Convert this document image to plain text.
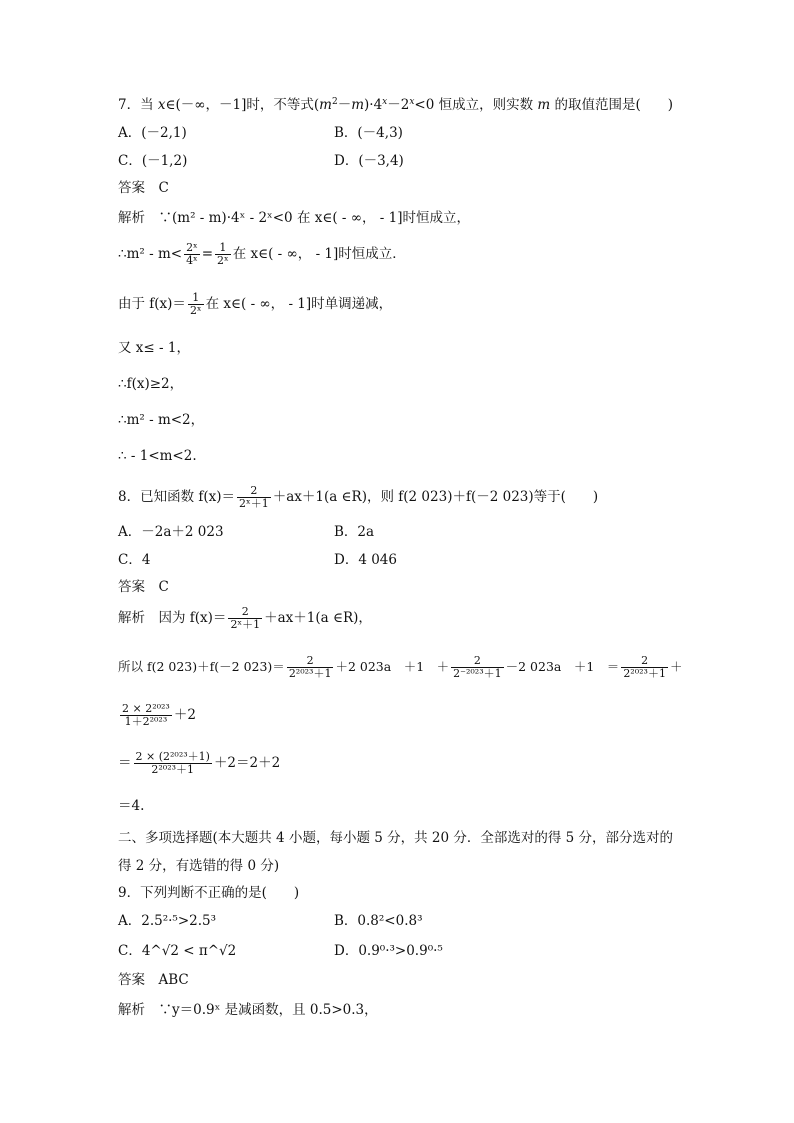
7．当 x∈(－∞，－1]时，不等式$(m^2-m)\cdot 4^x-2^x<0$ 恒成立，则实数 m 的取值范围是(　　)
A．(－2,1)	B．(－4,3)
C．(－1,2)	D．(－3,4)
答案　C
解析　∵(m² - m)·4ˣ - 2ˣ<0 在 x∈( - ∞， - 1]时恒成立，
∴m² - $m< \frac{\text{2ˣ}}{\text{4ˣ}} = \frac{1}{\text{2ˣ}}$ 在 x∈( - ∞， - 1]时恒成立．
由于 $f(x)= \frac{1}{\text{2ˣ}}$ 在 x∈( - ∞， - 1]时单调递减，
又 x≤ - 1，
∴f(x)≥2，
∴m² - m<2，
∴ - 1<m<2.
8．已知函数 $f(x)= \frac{2}{\text{2ˣ＋1}} +ax+1(a$ ∈R)，则 f(2 023)＋f(－2 023)等于(　　)
A．－2a＋2 023	B．2a
C．4	D．4 046
答案　C
解析　因为 $f(x)= \frac{2}{\text{2ˣ＋1}} +ax+1(a$ ∈R)，
所以 f(2 023)＋f(－2 $023)= \frac{2}{\text{2²⁰²³＋1}} +2$ 023a　＋1　＋ $\frac{2}{\text{2⁻²⁰²³＋1}} -2$ 023a　＋1　＝ $\frac{2}{\text{2²⁰²³＋1}}$ ＋
$\frac{\text{2 × 2²⁰²³}}{\text{1＋2²⁰²³}} +2$
＝ $\frac{\text{2 × (2²⁰²³＋1)}}{\text{2²⁰²³＋1}} +2=2+2$
＝4.
二、多项选择题(本大题共 4 小题，每小题 5 分，共 20 分．全部选对的得 5 分，部分选对的
得 2 分，有选错的得 0 分)
9．下列判断不正确的是(　　)
A．2.5²·⁵>2.5³	B．0.8²<0.8³
C．4^√2 < π^√2	D．0.9⁰·³>0.9⁰·⁵
答案　ABC
解析　∵y＝0.9ˣ 是减函数，且 0.5>0.3，
